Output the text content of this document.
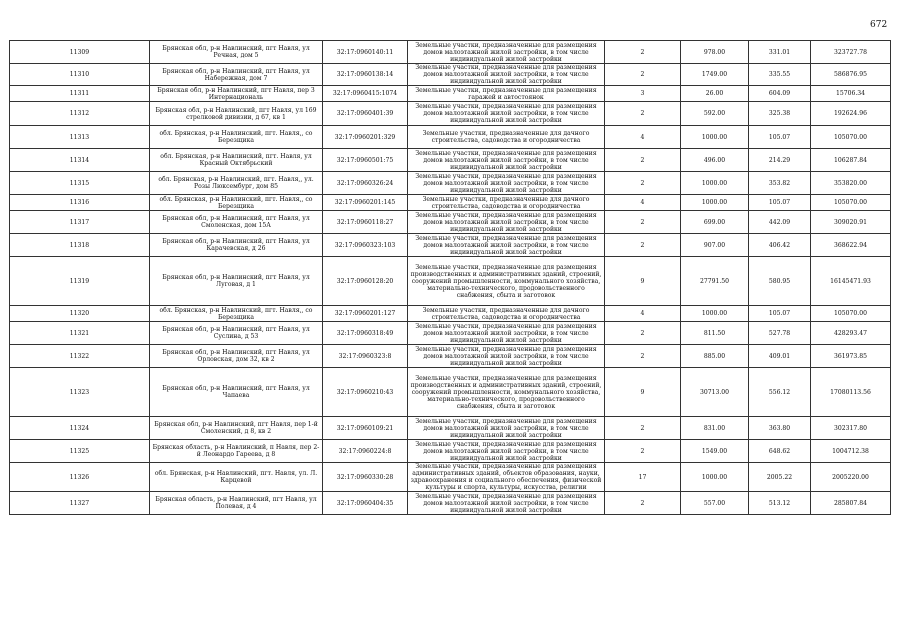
672
11309	Брянская обл, р-н Навлинский, пгт Навля, ул Речная, дом 5	32:17:0960140:11	Земельные участки, предназначенные для размещения домов малоэтажной жилой застройки, в том числе индивидуальной жилой застройки	2	978.00	331.01	323727.78
11310	Брянская обл, р-н Навлинский, пгт Навля, ул Набережная, дом 7	32:17:0960138:14	Земельные участки, предназначенные для размещения домов малоэтажной жилой застройки, в том числе индивидуальной жилой застройки	2	1749.00	335.55	586876.95
11311	Брянская обл, р-н Навлинский, пгт Навля, пер 3 Интернациональ	32:17:0960415:1074	Земельные участки, предназначенные для размещения гаражей и автостоянок	3	26.00	604.09	15706.34
11312	Брянская обл, р-н Навлинский, пгт Навля, ул 169 стрелковой дивизии, д 67, кв 1	32:17:0960401:39	Земельные участки, предназначенные для размещения домов малоэтажной жилой застройки, в том числе индивидуальной жилой застройки	2	592.00	325.38	192624.96
11313	обл. Брянская, р-н Навлинский, пгт. Навля,, со Березщика	32:17:0960201:329	Земельные участки, предназначенные для дачного строительства, садоводства и огородничества	4	1000.00	105.07	105070.00
11314	обл. Брянская, р-н Навлинский, пгт. Навля, ул Красный Октябрьский	32:17:0960501:75	Земельные участки, предназначенные для размещения домов малоэтажной жилой застройки, в том числе индивидуальной жилой застройки	2	496.00	214.29	106287.84
11315	обл. Брянская, р-н Навлинский, пгт. Навля,, ул. Розы Люксембург, дом 85	32:17:0960326:24	Земельные участки, предназначенные для размещения домов малоэтажной жилой застройки, в том числе индивидуальной жилой застройки	2	1000.00	353.82	353820.00
11316	обл. Брянская, р-н Навлинский, пгт. Навля,, со Березщика	32:17:0960201:145	Земельные участки, предназначенные для дачного строительства, садоводства и огородничества	4	1000.00	105.07	105070.00
11317	Брянская обл, р-н Навлинский, пгт Навля, ул Смоленская, дом 15А	32:17:0960118:27	Земельные участки, предназначенные для размещения домов малоэтажной жилой застройки, в том числе индивидуальной жилой застройки	2	699.00	442.09	309020.91
11318	Брянская обл, р-н Навлинский, пгт Навля, ул Карачевская, д 26	32:17:0960323:103	Земельные участки, предназначенные для размещения домов малоэтажной жилой застройки, в том числе индивидуальной жилой застройки	2	907.00	406.42	368622.94
11319	Брянская обл, р-н Навлинский, пгт Навля, ул Луговая, д 1	32:17:0960128:20	Земельные участки, предназначенные для размещения производственных и административных зданий, строений, сооружений промышленности, коммунального хозяйства, материально-технического, продовольственного снабжения, сбыта и заготовок	9	27791.50	580.95	16145471.93
11320	обл. Брянская, р-н Навлинский, пгт. Навля,, со Березщика	32:17:0960201:127	Земельные участки, предназначенные для дачного строительства, садоводства и огородничества	4	1000.00	105.07	105070.00
11321	Брянская обл, р-н Навлинский, пгт Навля, ул Суслина, д 53	32:17:0960318:49	Земельные участки, предназначенные для размещения домов малоэтажной жилой застройки, в том числе индивидуальной жилой застройки	2	811.50	527.78	428293.47
11322	Брянская обл, р-н Навлинский, пгт Навля, ул Орловская, дом 32, кв 2	32:17:0960323:8	Земельные участки, предназначенные для размещения домов малоэтажной жилой застройки, в том числе индивидуальной жилой застройки	2	885.00	409.01	361973.85
11323	Брянская обл, р-н Навлинский, пгт Навля, ул Чапаева	32:17:0960210:43	Земельные участки, предназначенные для размещения производственных и административных зданий, строений, сооружений промышленности, коммунального хозяйства, материально-технического, продовольственного снабжения, сбыта и заготовок	9	30713.00	556.12	17080113.56
11324	Брянская обл, р-н Навлинский, пгт Навля, пер 1-й Смоленский, д 8, кв 2	32:17:0960109:21	Земельные участки, предназначенные для размещения домов малоэтажной жилой застройки, в том числе индивидуальной жилой застройки	2	831.00	363.80	302317.80
11325	Брянская область, р-н Навлинский, п Навля, пер 2-й Леонардо Гареева, д 8	32:17:0960224:8	Земельные участки, предназначенные для размещения домов малоэтажной жилой застройки, в том числе индивидуальной жилой застройки	2	1549.00	648.62	1004712.38
11326	обл. Брянская, р-н Навлинский, пгт. Навля, ул. Л. Карцевой	32:17:0960330:28	Земельные участки, предназначенные для размещения административных зданий, объектов образования, науки, здравоохранения и социального обеспечения, физической культуры и спорта, культуры, искусства, религии	17	1000.00	2005.22	2005220.00
11327	Брянская область, р-н Навлинский, пгт Навля, ул Полевая, д 4	32:17:0960404:35	Земельные участки, предназначенные для размещения домов малоэтажной жилой застройки, в том числе индивидуальной жилой застройки	2	557.00	513.12	285807.84
